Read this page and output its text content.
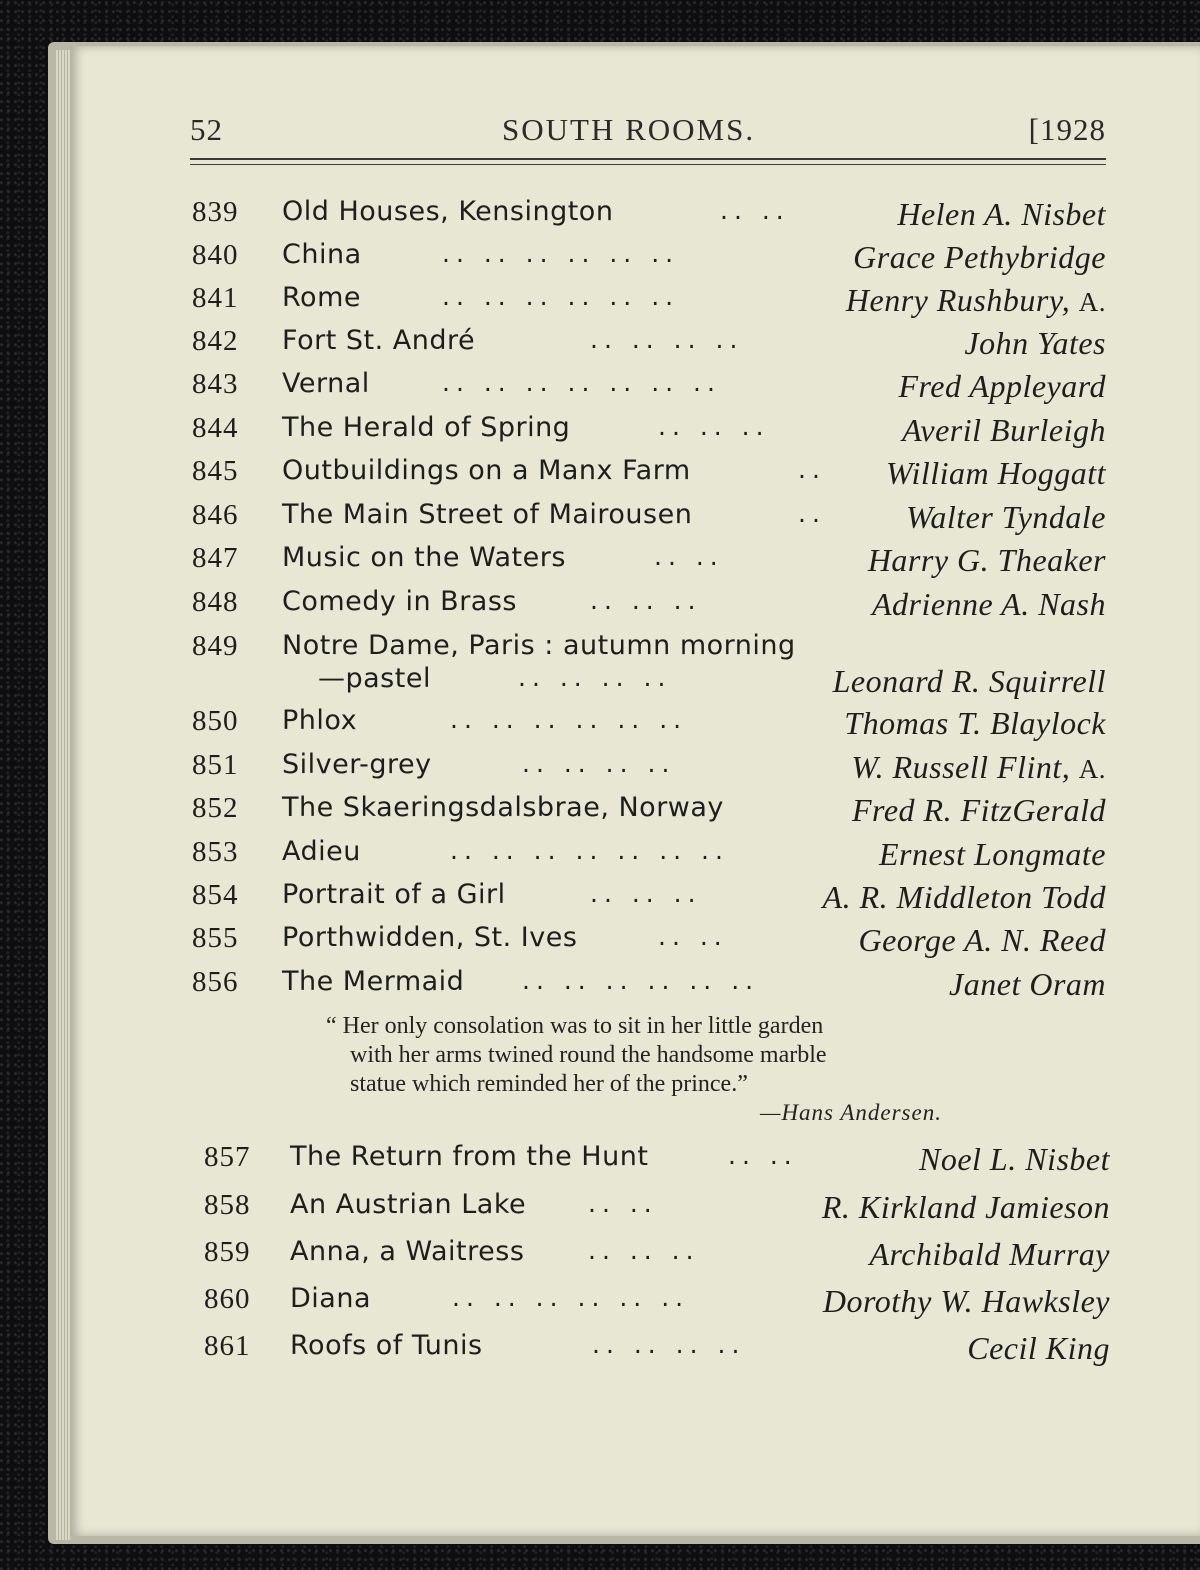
52	SOUTH ROOMS.	[1928
839 Old Houses, Kensington	.. ..	Helen A. Nisbet
840 China	.. .. .. .. .. ..	Grace Pethybridge
841 Rome	.. .. .. .. .. ..	Henry Rushbury, A.
842 Fort St. André	.. .. .. ..	John Yates
843 Vernal	.. .. .. .. .. .. ..	Fred Appleyard
844 The Herald of Spring	.. .. ..	Averil Burleigh
845 Outbuildings on a Manx Farm	.. William Hoggatt
846 The Main Street of Mairousen	..	Walter Tyndale
847 Music on the Waters	.. ..	Harry G. Theaker
848 Comedy in Brass	.. .. ..	Adrienne A. Nash
849 Notre Dame, Paris : autumn morning
—pastel	.. .. .. ..	Leonard R. Squirrell
850 Phlox	.. .. .. .. .. ..	Thomas T. Blaylock
851 Silver-grey	.. .. .. ..	W. Russell Flint, A.
852 The Skaeringsdalsbrae, Norway	Fred R. FitzGerald
853 Adieu	.. .. .. .. .. .. ..	Ernest Longmate
854 Portrait of a Girl	.. .. ..	A. R. Middleton Todd
855 Porthwidden, St. Ives	.. ..	George A. N. Reed
856 The Mermaid .. .. .. .. .. ..	Janet Oram
“ Her only consolation was to sit in her little garden
with her arms twined round the handsome marble
statue which reminded her of the prince.”
—Hans Andersen.
857 The Return from the Hunt	.. ..	Noel L. Nisbet
858 An Austrian Lake .. ..	R. Kirkland Jamieson
859 Anna, a Waitress	.. .. ..	Archibald Murray
860 Diana	.. .. .. .. .. ..	Dorothy W. Hawksley
861 Roofs of Tunis	.. .. .. ..	Cecil King
